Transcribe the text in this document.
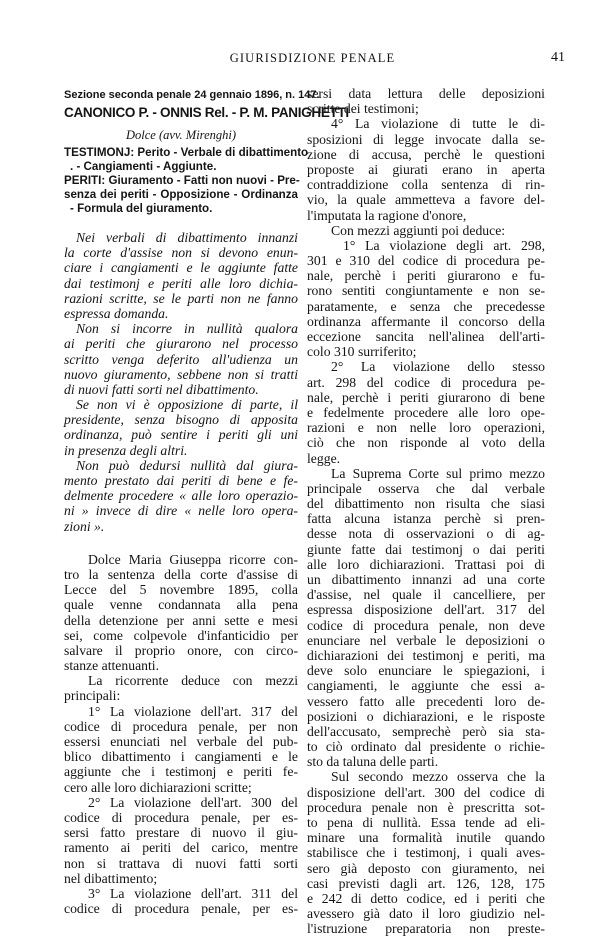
GIURISDIZIONE PENALE	41
Sezione seconda penale 24 gennaio 1896, n. 147.
CANONICO P. - ONNIS Rel. - P. M. PANIGHETTI
Dolce (avv. Mirenghi)
TESTIMONJ: Perito - Verbale di dibattimento
. - Cangiamenti - Aggiunte.
PERITI: Giuramento - Fatti non nuovi - Pre-
senza dei periti - Opposizione - Ordinanza
- Formula del giuramento.
Nei verbali di dibattimento innanzi
la corte d'assise non si devono enun-
ciare i cangiamenti e le aggiunte fatte
dai testimonj e periti alle loro dichia-
razioni scritte, se le parti non ne fanno
espressa domanda.
Non si incorre in nullità qualora
ai periti che giurarono nel processo
scritto venga deferito all'udienza un
nuovo giuramento, sebbene non si tratti
di nuovi fatti sorti nel dibattimento.
Se non vi è opposizione di parte, il
presidente, senza bisogno di apposita
ordinanza, può sentire i periti gli uni
in presenza degli altri.
Non può dedursi nullità dal giura-
mento prestato dai periti di bene e fe-
delmente procedere « alle loro operazio-
ni » invece di dire « nelle loro opera-
zioni ».
Dolce Maria Giuseppa ricorre con-
tro la sentenza della corte d'assise di
Lecce del 5 novembre 1895, colla
quale venne condannata alla pena
della detenzione per anni sette e mesi
sei, come colpevole d'infanticidio per
salvare il proprio onore, con circo-
stanze attenuanti.
La ricorrente deduce con mezzi
principali:
1° La violazione dell'art. 317 del
codice di procedura penale, per non
essersi enunciati nel verbale del pub-
blico dibattimento i cangiamenti e le
aggiunte che i testimonj e periti fe-
cero alle loro dichiarazioni scritte;
2° La violazione dell'art. 300 del
codice di procedura penale, per es-
sersi fatto prestare di nuovo il giu-
ramento ai periti del carico, mentre
non si trattava di nuovi fatti sorti
nel dibattimento;
3° La violazione dell'art. 311 del
codice di procedura penale, per es-
sersi data lettura delle deposizioni
scritte dei testimoni;
4° La violazione di tutte le di-
sposizioni di legge invocate dalla se-
zione di accusa, perchè le questioni
proposte ai giurati erano in aperta
contraddizione colla sentenza di rin-
vio, la quale ammetteva a favore del-
l'imputata la ragione d'onore,
Con mezzi aggiunti poi deduce:
1° La violazione degli art. 298,
301 e 310 del codice di procedura pe-
nale, perchè i periti giurarono e fu-
rono sentiti congiuntamente e non se-
paratamente, e senza che precedesse
ordinanza affermante il concorso della
eccezione sancita nell'alinea dell'arti-
colo 310 surriferito;
2° La violazione dello stesso
art. 298 del codice di procedura pe-
nale, perchè i periti giurarono di bene
e fedelmente procedere alle loro ope-
razioni e non nelle loro operazioni,
ciò che non risponde al voto della
legge.
La Suprema Corte sul primo mezzo
principale osserva che dal verbale
del dibattimento non risulta che siasi
fatta alcuna istanza perchè si pren-
desse nota di osservazioni o di ag-
giunte fatte dai testimonj o dai periti
alle loro dichiarazioni. Trattasi poi di
un dibattimento innanzi ad una corte
d'assise, nel quale il cancelliere, per
espressa disposizione dell'art. 317 del
codice di procedura penale, non deve
enunciare nel verbale le deposizioni o
dichiarazioni dei testimonj e periti, ma
deve solo enunciare le spiegazioni, i
cangiamenti, le aggiunte che essi a-
vessero fatto alle precedenti loro de-
posizioni o dichiarazioni, e le risposte
dell'accusato, semprechè però sia sta-
to ciò ordinato dal presidente o richie-
sto da taluna delle parti.
Sul secondo mezzo osserva che la
disposizione dell'art. 300 del codice di
procedura penale non è prescritta sot-
to pena di nullità. Essa tende ad eli-
minare una formalità inutile quando
stabilisce che i testimonj, i quali aves-
sero già deposto con giuramento, nei
casi previsti dagli art. 126, 128, 175
e 242 di detto codice, ed i periti che
avessero già dato il loro giudizio nel-
l'istruzione preparatoria non preste-
